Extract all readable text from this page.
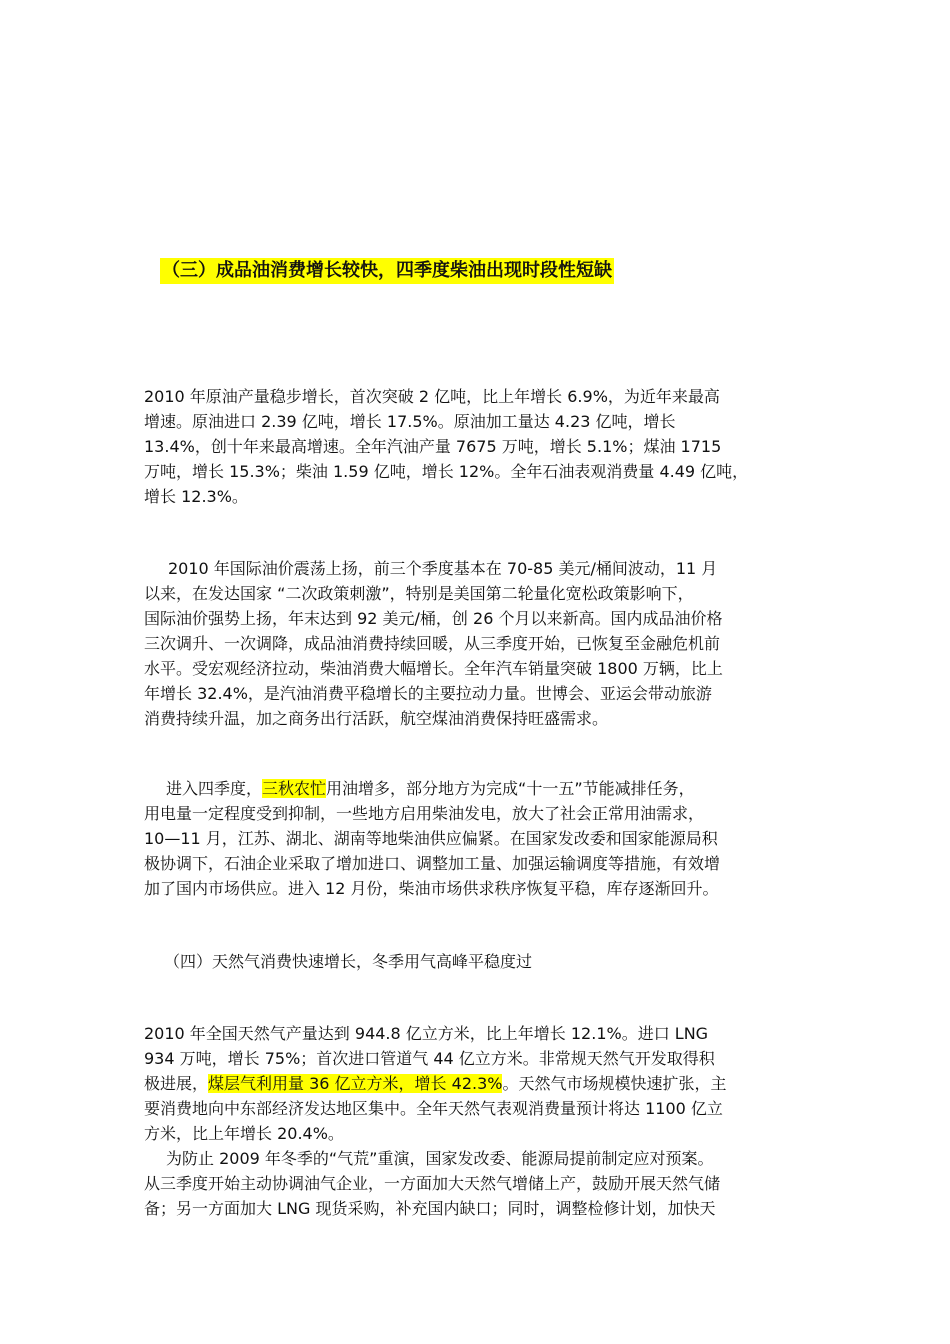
（三）成品油消费增长较快，四季度柴油出现时段性短缺
2010 年原油产量稳步增长，首次突破 2 亿吨，比上年增长 6.9%，为近年来最高
增速。原油进口 2.39 亿吨，增长 17.5%。原油加工量达 4.23 亿吨，增长
13.4%，创十年来最高增速。全年汽油产量 7675 万吨，增长 5.1%；煤油 1715
万吨，增长 15.3%；柴油 1.59 亿吨，增长 12%。全年石油表观消费量 4.49 亿吨，
增长 12.3%。
2010 年国际油价震荡上扬，前三个季度基本在 70-85 美元/桶间波动，11 月
以来，在发达国家 “二次政策刺激”，特别是美国第二轮量化宽松政策影响下，
国际油价强势上扬，年末达到 92 美元/桶，创 26 个月以来新高。国内成品油价格
三次调升、一次调降，成品油消费持续回暖，从三季度开始，已恢复至金融危机前
水平。受宏观经济拉动，柴油消费大幅增长。全年汽车销量突破 1800 万辆，比上
年增长 32.4%，是汽油消费平稳增长的主要拉动力量。世博会、亚运会带动旅游
消费持续升温，加之商务出行活跃，航空煤油消费保持旺盛需求。
进入四季度，三秋农忙用油增多，部分地方为完成“十一五”节能减排任务，
用电量一定程度受到抑制，一些地方启用柴油发电，放大了社会正常用油需求，
10—11 月，江苏、湖北、湖南等地柴油供应偏紧。在国家发改委和国家能源局积
极协调下，石油企业采取了增加进口、调整加工量、加强运输调度等措施，有效增
加了国内市场供应。进入 12 月份，柴油市场供求秩序恢复平稳，库存逐渐回升。
（四）天然气消费快速增长，冬季用气高峰平稳度过
2010 年全国天然气产量达到 944.8 亿立方米，比上年增长 12.1%。进口 LNG
934 万吨，增长 75%；首次进口管道气 44 亿立方米。非常规天然气开发取得积
极进展，煤层气利用量 36 亿立方米，增长 42.3%。天然气市场规模快速扩张，主
要消费地向中东部经济发达地区集中。全年天然气表观消费量预计将达 1100 亿立
方米，比上年增长 20.4%。
为防止 2009 年冬季的“气荒”重演，国家发改委、能源局提前制定应对预案。
从三季度开始主动协调油气企业，一方面加大天然气增储上产，鼓励开展天然气储
备；另一方面加大 LNG 现货采购，补充国内缺口；同时，调整检修计划，加快天
